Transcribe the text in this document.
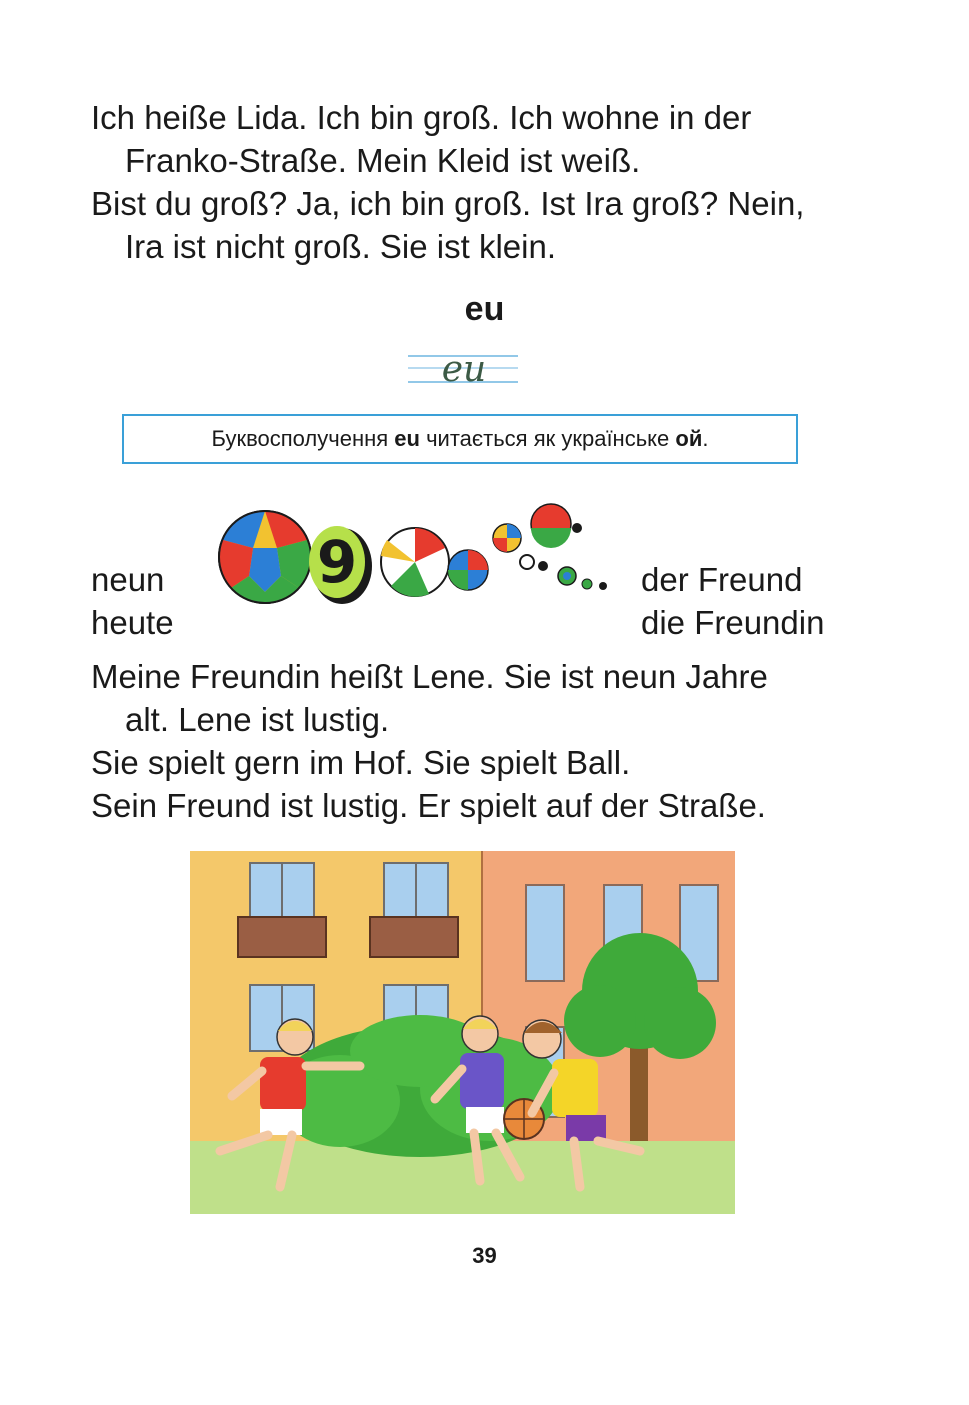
Ich heiße Lida. Ich bin groß. Ich wohne in der
Franko-Straße. Mein Kleid ist weiß.
Bist du groß? Ja, ich bin groß. Ist Ira groß? Nein,
Ira ist nicht groß. Sie ist klein.
eu
eu
Буквосполучення eu читається як українське ой.
neun
heute
der Freund
die Freundin
9
Meine Freundin heißt Lene. Sie ist neun Jahre
alt. Lene ist lustig.
Sie spielt gern im Hof. Sie spielt Ball.
Sein Freund ist lustig. Er spielt auf der Straße.
39
